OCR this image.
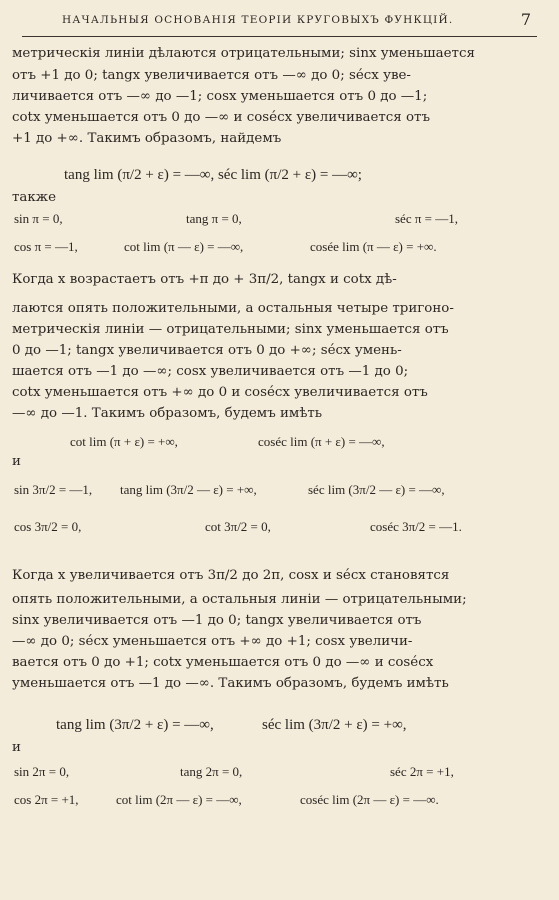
НАЧАЛЬНЫЯ ОСНОВАНІЯ ТЕОРІИ КРУГОВЫХЪ ФУНКЦІЙ.	7
метрическія линіи дѣлаются отрицательными; sinx уменьшается
отъ +1 до 0; tangx увеличивается отъ —∞ до 0; sécx уве-
личивается отъ —∞ до —1; cosx уменьшается отъ 0 до —1;
cotx уменьшается отъ 0 до —∞ и coséсx увеличивается отъ
+1 до +∞. Такимъ образомъ, найдемъ
tang lim (π/2 + ε) = —∞, séc lim (π/2 + ε) = —∞;
также
sin π = 0,	tang π = 0,	séc π = —1,
cos π = —1,	cot lim (π — ε) = —∞,	cosée lim (π — ε) = +∞.
Когда x возрастаетъ отъ +π до + 3π/2, tangx и cotx дѣ-
лаются опять положительными, а остальныя четыре тригоно-
метрическія линіи — отрицательными; sinx уменьшается отъ
0 до —1; tangx увеличивается отъ 0 до +∞; sécx умень-
шается отъ —1 до —∞; cosx увеличивается отъ —1 до 0;
cotx уменьшается отъ +∞ до 0 и cosécx увеличивается отъ
—∞ до —1. Такимъ образомъ, будемъ имѣть
cot lim (π + ε) = +∞,	coséc lim (π + ε) = —∞,
и
sin 3π/2 = —1, tang lim (3π/2 — ε) = +∞,	séc lim (3π/2 — ε) = —∞,
cos 3π/2 = 0,	cot 3π/2 = 0,	coséc 3π/2 = —1.
Когда x увеличивается отъ 3π/2 до 2π, cosx и sécx становятся
опять положительными, а остальныя линіи — отрицательными;
sinx увеличивается отъ —1 до 0; tangx увеличивается отъ
—∞ до 0; sécx уменьшается отъ +∞ до +1; cosx увеличи-
вается отъ 0 до +1; cotx уменьшается отъ 0 до —∞ и cosécx
уменьшается отъ —1 до —∞. Такимъ образомъ, будемъ имѣть
tang lim (3π/2 + ε) = —∞,	séc lim (3π/2 + ε) = +∞,
и
sin 2π = 0,	tang 2π = 0,	séc 2π = +1,
cos 2π = +1,	cot lim (2π — ε) = —∞,	coséc lim (2π — ε) = —∞.
